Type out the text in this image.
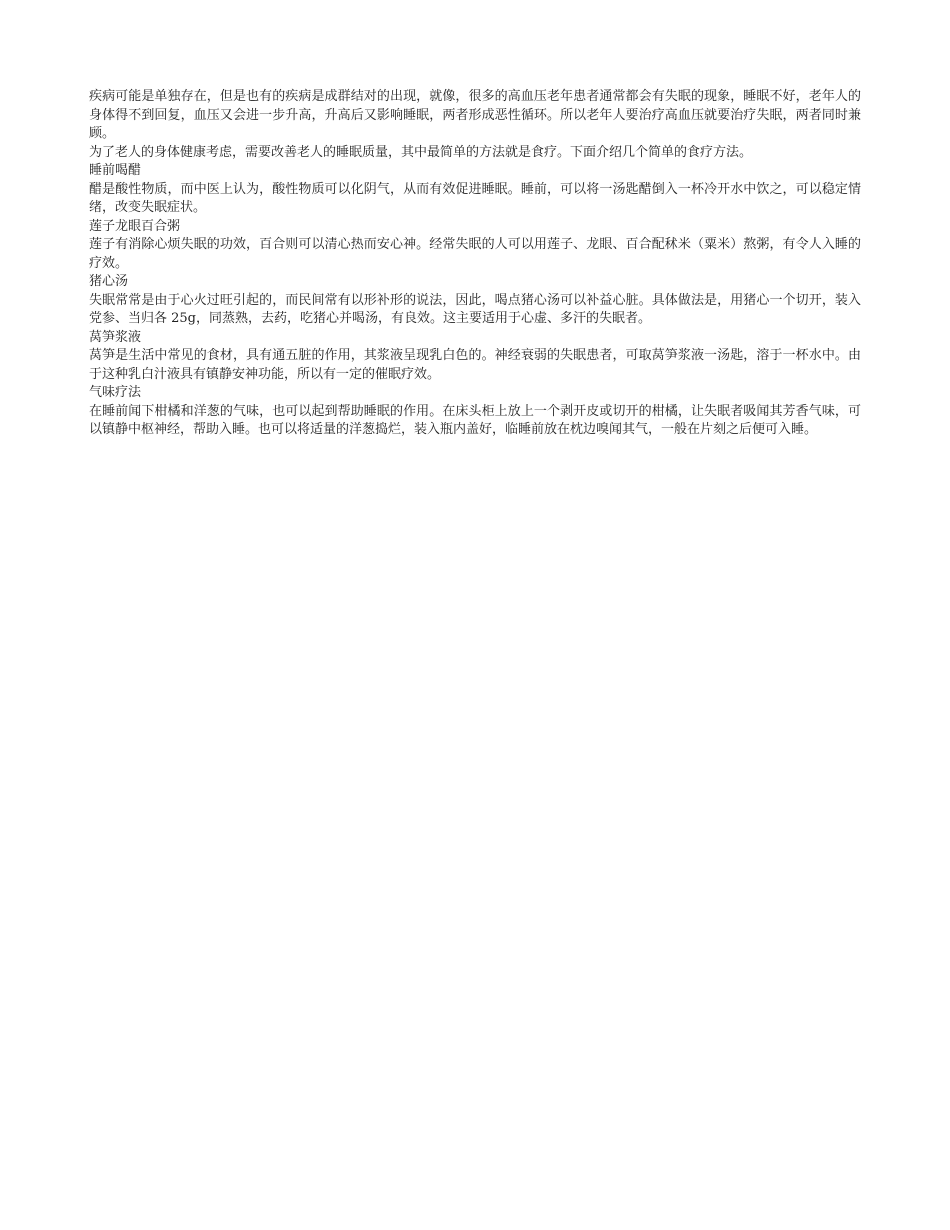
疾病可能是单独存在，但是也有的疾病是成群结对的出现，就像，很多的高血压老年患者通常都会有失眠的现象，睡眠不好，老年人的身体得不到回复，血压又会进一步升高，升高后又影响睡眠，两者形成恶性循环。所以老年人要治疗高血压就要治疗失眠，两者同时兼顾。

为了老人的身体健康考虑，需要改善老人的睡眠质量，其中最简单的方法就是食疗。下面介绍几个简单的食疗方法。

睡前喝醋

醋是酸性物质，而中医上认为，酸性物质可以化阴气，从而有效促进睡眠。睡前，可以将一汤匙醋倒入一杯冷开水中饮之，可以稳定情绪，改变失眠症状。

莲子龙眼百合粥

莲子有消除心烦失眠的功效，百合则可以清心热而安心神。经常失眠的人可以用莲子、龙眼、百合配秫米（粟米）熬粥，有令人入睡的疗效。

猪心汤

失眠常常是由于心火过旺引起的，而民间常有以形补形的说法，因此，喝点猪心汤可以补益心脏。具体做法是，用猪心一个切开，装入党参、当归各 25g，同蒸熟，去药，吃猪心并喝汤，有良效。这主要适用于心虚、多汗的失眠者。

莴笋浆液

莴笋是生活中常见的食材，具有通五脏的作用，其浆液呈现乳白色的。神经衰弱的失眠患者，可取莴笋浆液一汤匙，溶于一杯水中。由于这种乳白汁液具有镇静安神功能，所以有一定的催眠疗效。

气味疗法

在睡前闻下柑橘和洋葱的气味，也可以起到帮助睡眠的作用。在床头柜上放上一个剥开皮或切开的柑橘，让失眠者吸闻其芳香气味，可以镇静中枢神经，帮助入睡。也可以将适量的洋葱捣烂，装入瓶内盖好，临睡前放在枕边嗅闻其气，一般在片刻之后便可入睡。
